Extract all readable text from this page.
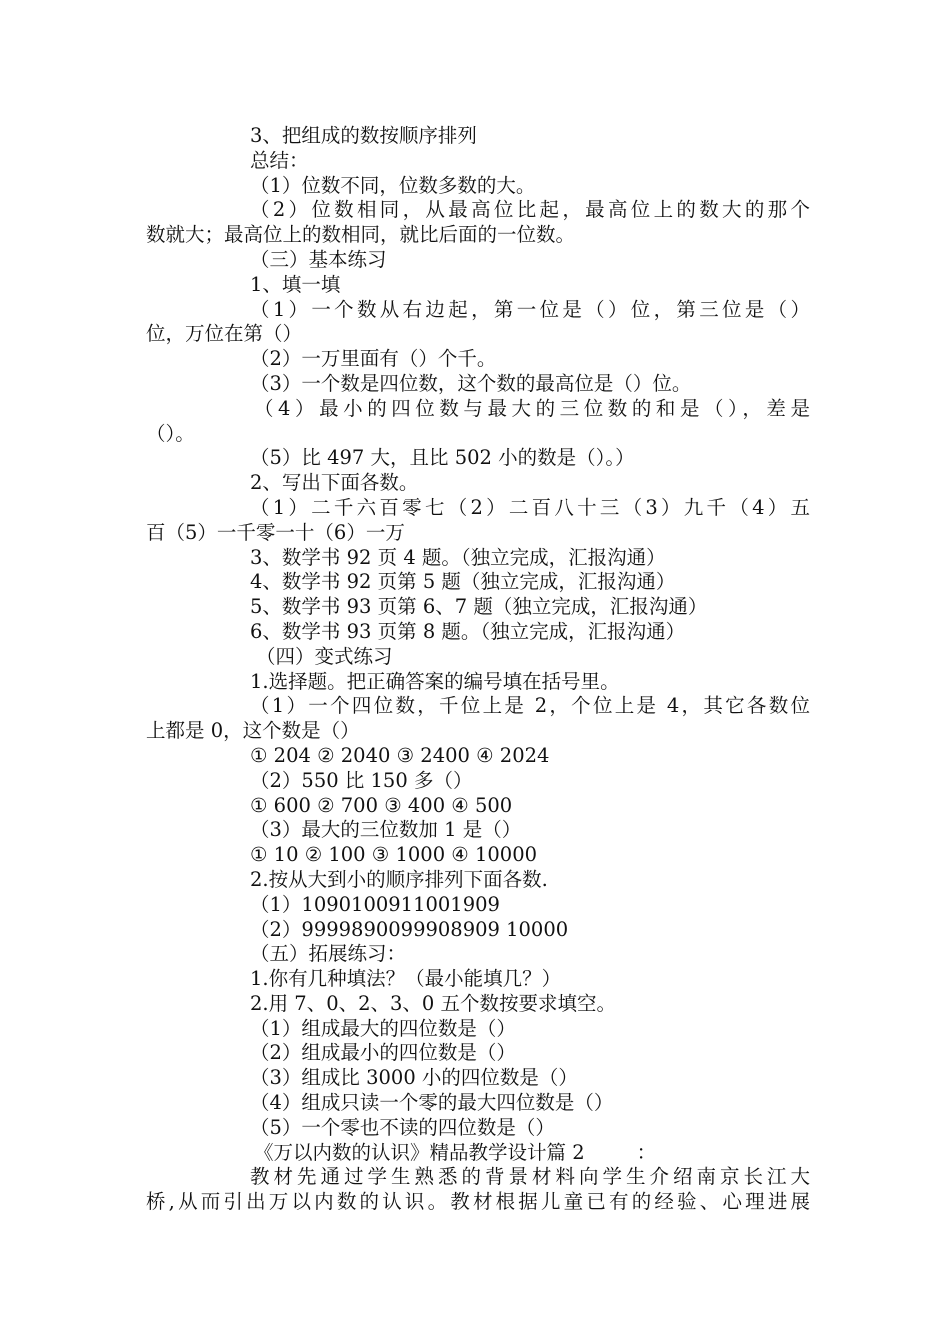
3、把组成的数按顺序排列
总结：
（1）位数不同，位数多数的大。
（2）位数相同，从最高位比起，最高位上的数大的那个
数就大；最高位上的数相同，就比后面的一位数。
（三）基本练习
1、填一填
（1）一个数从右边起，第一位是（）位，第三位是（）
位，万位在第（）
（2）一万里面有（）个千。
（3）一个数是四位数，这个数的最高位是（）位。
（4）最小的四位数与最大的三位数的和是（），差是
（）。
（5）比 497 大，且比 502 小的数是（）。）
2、写出下面各数。
（1）二千六百零七（2）二百八十三（3）九千（4）五
百（5）一千零一十（6）一万
3、数学书 92 页 4 题。（独立完成，汇报沟通）
4、数学书 92 页第 5 题（独立完成，汇报沟通）
5、数学书 93 页第 6、7 题（独立完成，汇报沟通）
6、数学书 93 页第 8 题。（独立完成，汇报沟通）
（四）变式练习
1.选择题。把正确答案的编号填在括号里。
（1）一个四位数，千位上是 2，个位上是 4，其它各数位
上都是 0，这个数是（）
① 204 ② 2040 ③ 2400 ④ 2024
（2）550 比 150 多（）
① 600 ② 700 ③ 400 ④ 500
（3）最大的三位数加 1 是（）
① 10 ② 100 ③ 1000 ④ 10000
2.按从大到小的顺序排列下面各数.
（1）1090100911001909
（2）9999890099908909 10000
（五）拓展练习：
1.你有几种填法？（最小能填几？）
2.用 7、0、2、3、0 五个数按要求填空。
（1）组成最大的四位数是（）
（2）组成最小的四位数是（）
（3）组成比 3000 小的四位数是（）
（4）组成只读一个零的最大四位数是（）
（5）一个零也不读的四位数是（）
《万以内数的认识》精品教学设计篇 2	：
教材先通过学生熟悉的背景材料向学生介绍南京长江大
桥,从而引出万以内数的认识。教材根据儿童已有的经验、心理进展
